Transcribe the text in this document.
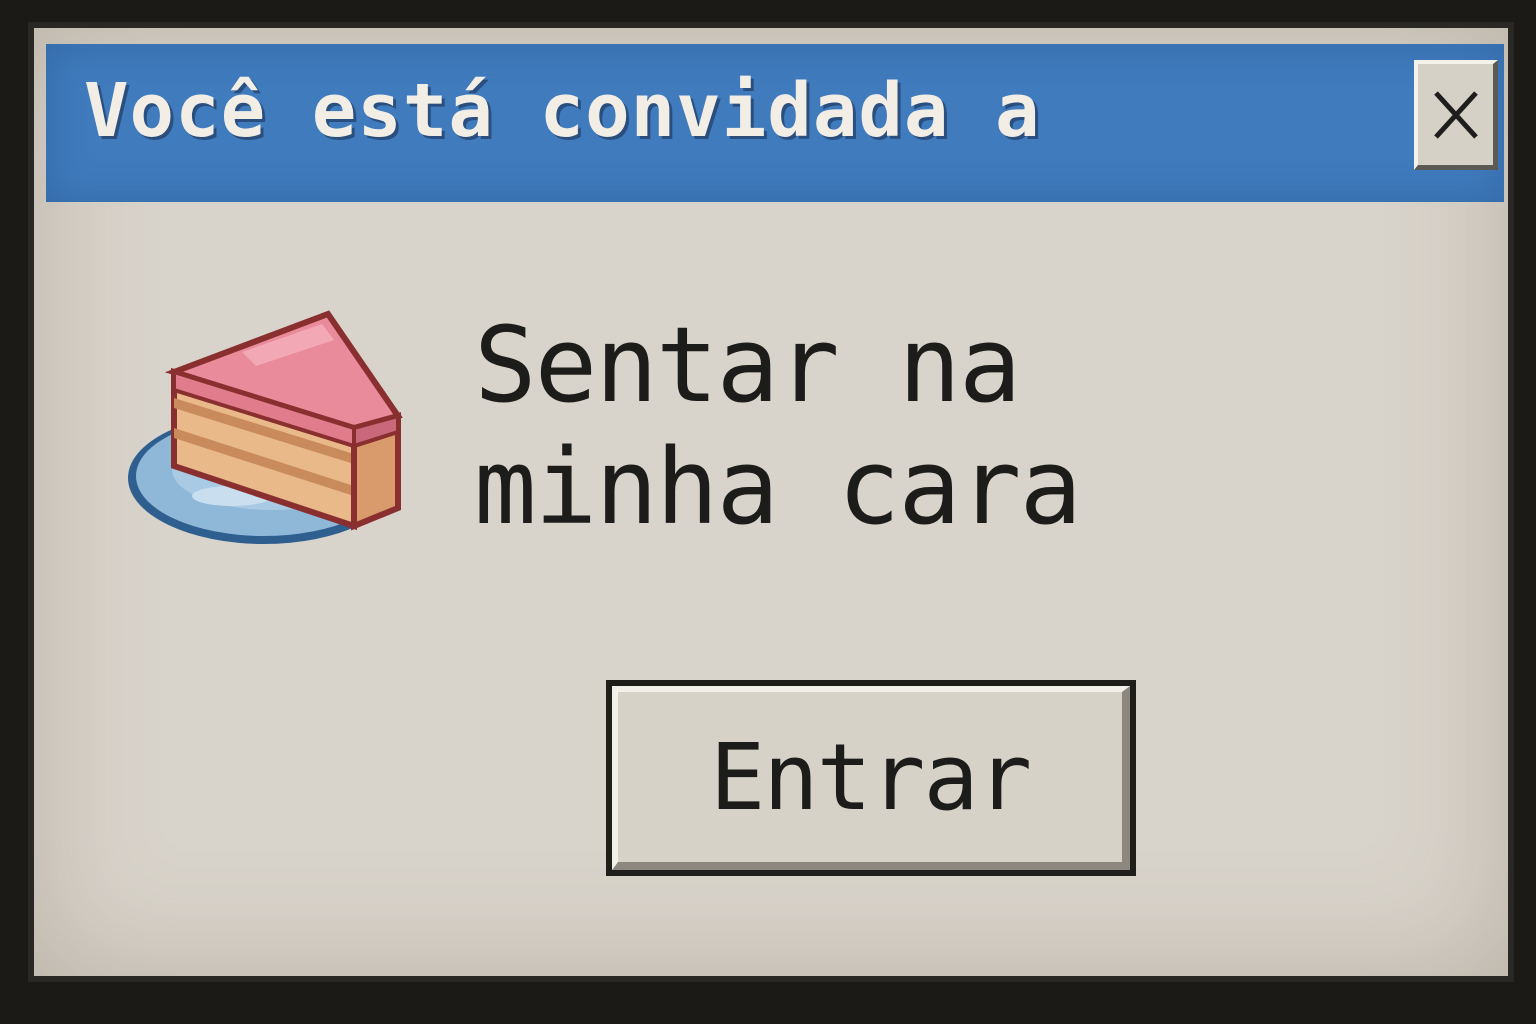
Você está convidada a
Sentar na
minha cara
Entrar
